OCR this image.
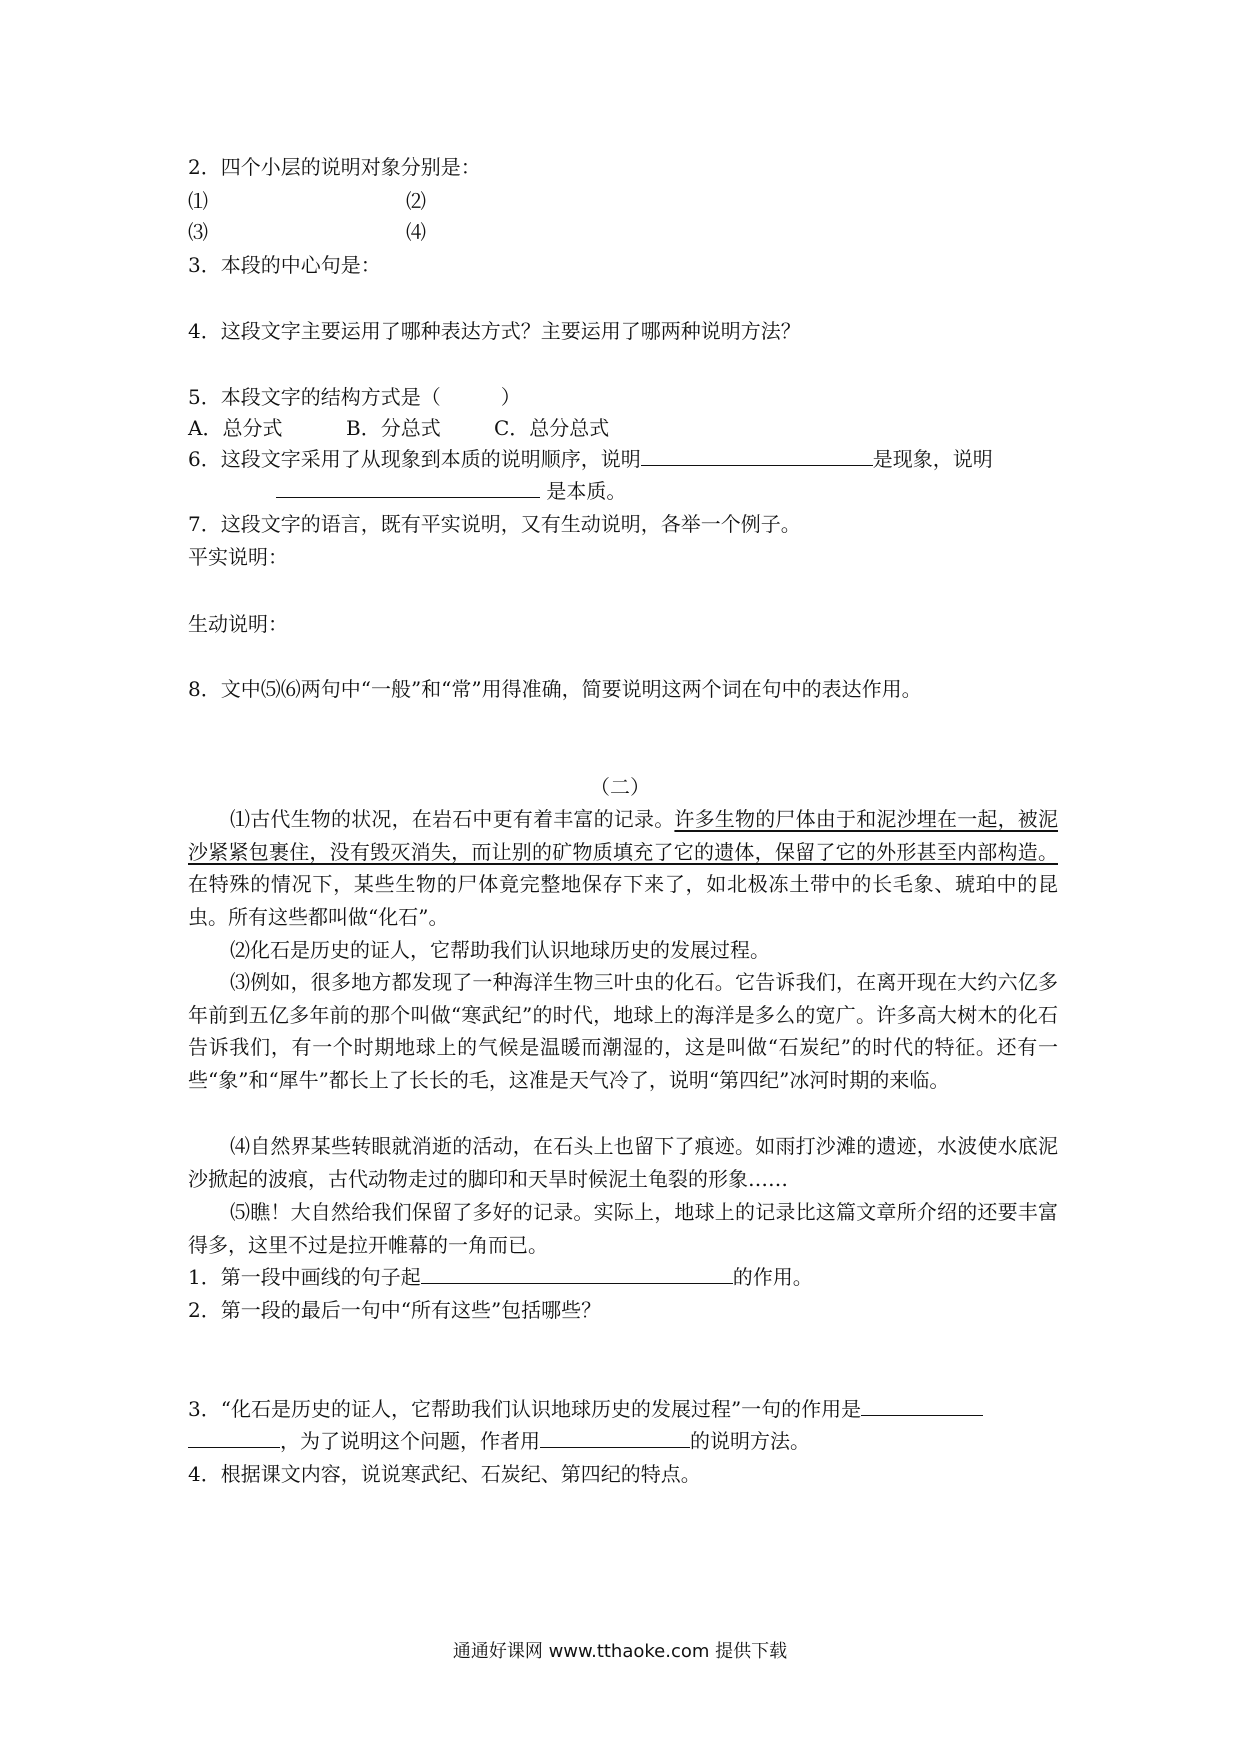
2．四个小层的说明对象分别是：
⑴	⑵
⑶	⑷
3．本段的中心句是：
4．这段文字主要运用了哪种表达方式？主要运用了哪两种说明方法？
5．本段文字的结构方式是（　　　）
A．总分式	B．分总式	C．总分总式
6．这段文字采用了从现象到本质的说明顺序，说明	是现象，说明
是本质。
7．这段文字的语言，既有平实说明，又有生动说明，各举一个例子。
平实说明：
生动说明：
8．文中⑸⑹两句中“一般”和“常”用得准确，简要说明这两个词在句中的表达作用。
（二）
⑴古代生物的状况，在岩石中更有着丰富的记录。许多生物的尸体由于和泥沙埋在一起，被泥沙紧紧包裹住，没有毁灭消失，而让别的矿物质填充了它的遗体，保留了它的外形甚至内部构造。在特殊的情况下，某些生物的尸体竟完整地保存下来了，如北极冻土带中的长毛象、琥珀中的昆虫。所有这些都叫做“化石”。
⑵化石是历史的证人，它帮助我们认识地球历史的发展过程。
⑶例如，很多地方都发现了一种海洋生物三叶虫的化石。它告诉我们，在离开现在大约六亿多年前到五亿多年前的那个叫做“寒武纪”的时代，地球上的海洋是多么的宽广。许多高大树木的化石告诉我们，有一个时期地球上的气候是温暖而潮湿的，这是叫做“石炭纪”的时代的特征。还有一些“象”和“犀牛”都长上了长长的毛，这准是天气冷了，说明“第四纪”冰河时期的来临。
⑷自然界某些转眼就消逝的活动，在石头上也留下了痕迹。如雨打沙滩的遗迹，水波使水底泥沙掀起的波痕，古代动物走过的脚印和天旱时候泥土龟裂的形象……
⑸瞧！大自然给我们保留了多好的记录。实际上，地球上的记录比这篇文章所介绍的还要丰富得多，这里不过是拉开帷幕的一角而已。
1．第一段中画线的句子起	的作用。
2．第一段的最后一句中“所有这些”包括哪些？
3．“化石是历史的证人，它帮助我们认识地球历史的发展过程”一句的作用是
，为了说明这个问题，作者用	的说明方法。
4．根据课文内容，说说寒武纪、石炭纪、第四纪的特点。
通通好课网 www.tthaoke.com 提供下载
